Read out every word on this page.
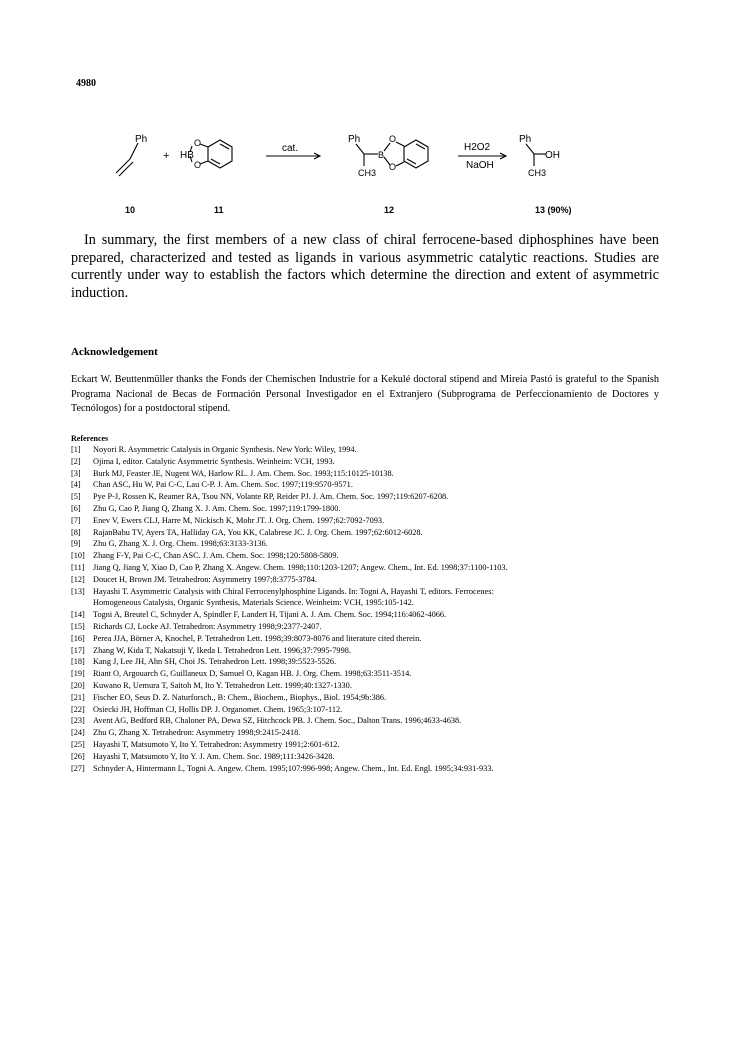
4980
Ph
+ HB
O
O
cat.
Ph
B
O
O
CH3
H2O2
NaOH
Ph
OH
CH3
10	11	12	13 (90%)

In summary, the first members of a new class of chiral ferrocene-based diphosphines have been prepared, characterized and tested as ligands in various asymmetric catalytic reactions. Studies are currently under way to establish the factors which determine the direction and extent of asymmetric induction.

Acknowledgement

Eckart W. Beuttenmüller thanks the Fonds der Chemischen Industrie for a Kekulé doctoral stipend and Mireia Pastó is grateful to the Spanish Programa Nacional de Becas de Formación Personal Investigador en el Extranjero (Subprograma de Perfeccionamiento de Doctores y Tecnólogos) for a postdoctoral stipend.

References
[1]	Noyori R. Asymmetric Catalysis in Organic Synthesis. New York: Wiley, 1994.
[2]	Ojima I, editor. Catalytic Asymmetric Synthesis. Weinheim: VCH, 1993.
[3]	Burk MJ, Feaster JE, Nugent WA, Harlow RL. J. Am. Chem. Soc. 1993;115:10125-10138.
[4]	Chan ASC, Hu W, Pai C-C, Lau C-P. J. Am. Chem. Soc. 1997;119:9570-9571.
[5]	Pye P-J, Rossen K, Reamer RA, Tsou NN, Volante RP, Reider PJ. J. Am. Chem. Soc. 1997;119:6207-6208.
[6]	Zhu G, Cao P, Jiang Q, Zhang X. J. Am. Chem. Soc. 1997;119:1799-1800.
[7]	Enev V, Ewers CLJ, Harre M, Nickisch K, Mohr JT. J. Org. Chem. 1997;62:7092-7093.
[8]	RajanBabu TV, Ayers TA, Halliday GA, You KK, Calabrese JC. J. Org. Chem. 1997;62:6012-6028.
[9]	Zhu G, Zhang X. J. Org. Chem. 1998;63:3133-3136.
[10] Zhang F-Y, Pai C-C, Chan ASC. J. Am. Chem. Soc. 1998;120:5808-5809.
[11]	Jiang Q, Jiang Y, Xiao D, Cao P, Zhang X. Angew. Chem. 1998;110:1203-1207; Angew. Chem., Int. Ed. 1998;37:1100-1103.
[12] Doucet H, Brown JM. Tetrahedron: Asymmetry 1997;8:3775-3784.
[13] Hayashi T. Asymmetric Catalysis with Chiral Ferrocenylphosphine Ligands. In: Togni A, Hayashi T, editors. Ferrocenes:
Homogeneous Catalysis, Organic Synthesis, Materials Science. Weinheim: VCH, 1995:105-142.
[14] Togni A, Breutel C, Schnyder A, Spindler F, Landert H, Tijani A. J. Am. Chem. Soc. 1994;116:4062-4066.
[15] Richards CJ, Locke AJ. Tetrahedron: Asymmetry 1998;9:2377-2407.
[16] Perea JJA, Börner A, Knochel, P. Tetrahedron Lett. 1998;39:8073-8076 and literature cited therein.
[17] Zhang W, Kida T, Nakatsuji Y, Ikeda I. Tetrahedron Lett. 1996;37:7995-7998.
[18] Kang J, Lee JH, Ahn SH, Choi JS. Tetrahedron Lett. 1998;39:5523-5526.
[19] Riant O, Argouarch G, Guillaneux D, Samuel O, Kagan HB. J. Org. Chem. 1998;63:3511-3514.
[20] Kuwano R, Uemura T, Saitoh M, Ito Y. Tetrahedron Lett. 1999;40:1327-1330.
[21] Fischer EO, Seus D. Z. Naturforsch., B: Chem., Biochem., Biophys., Biol. 1954;9b:386.
[22] Osiecki JH, Hoffman CJ, Hollis DP. J. Organomet. Chem. 1965;3:107-112.
[23] Avent AG, Bedford RB, Chaloner PA, Dewa SZ, Hitchcock PB. J. Chem. Soc., Dalton Trans. 1996;4633-4638.
[24] Zhu G, Zhang X. Tetrahedron: Asymmetry 1998;9:2415-2418.
[25] Hayashi T, Matsumoto Y, Ito Y. Tetrahedron: Asymmetry 1991;2:601-612.
[26] Hayashi T, Matsumoto Y, Ito Y. J. Am. Chem. Soc. 1989;111:3426-3428.
[27] Schnyder A, Hintermann L, Togni A. Angew. Chem. 1995;107:996-998; Angew. Chem., Int. Ed. Engl. 1995;34:931-933.
